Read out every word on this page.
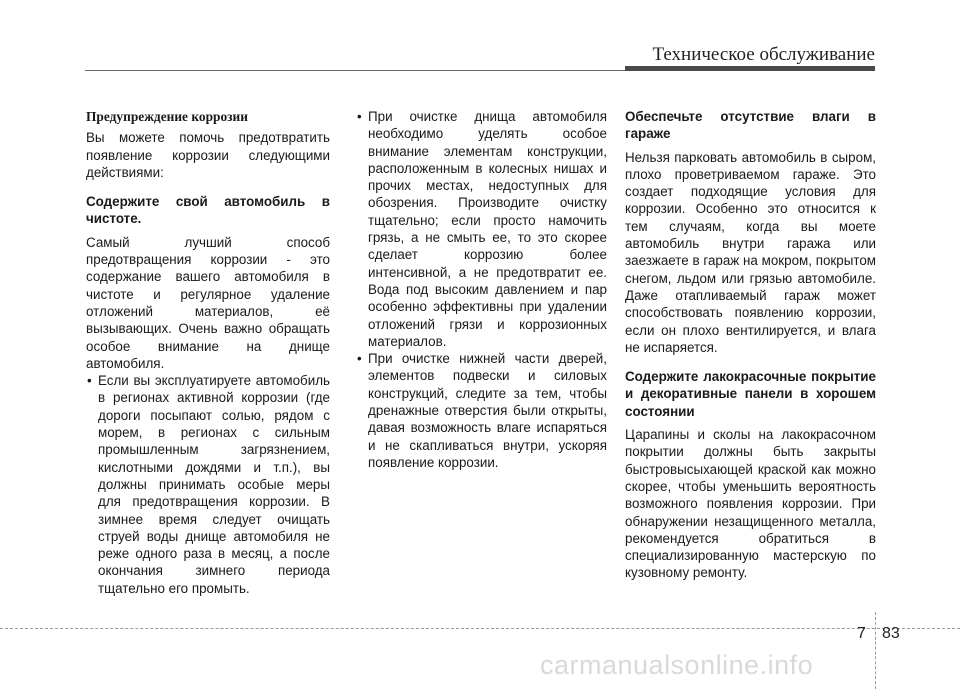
Техническое обслуживание
Предупреждение коррозии

Вы можете помочь предотвратить появление коррозии следующими действиями:

Содержите свой автомобиль в чистоте.

Самый лучший способ предотвращения коррозии - это содержание вашего автомобиля в чистоте и регулярное удаление отложений материалов, её вызывающих. Очень важно обращать особое внимание на днище автомобиля.

• Если вы эксплуатируете автомобиль в регионах активной коррозии (где дороги посыпают солью, рядом с морем, в регионах с сильным промышленным загрязнением, кислотными дождями и т.п.), вы должны принимать особые меры для предотвращения коррозии. В зимнее время следует очищать струей воды днище автомобиля не реже одного раза в месяц, а после окончания зимнего периода тщательно его промыть.
• При очистке днища автомобиля необходимо уделять особое внимание элементам конструкции, расположенным в колесных нишах и прочих местах, недоступных для обозрения. Производите очистку тщательно; если просто намочить грязь, а не смыть ее, то это скорее сделает коррозию более интенсивной, а не предотвратит ее. Вода под высоким давлением и пар особенно эффективны при удалении отложений грязи и коррозионных материалов.
• При очистке нижней части дверей, элементов подвески и силовых конструкций, следите за тем, чтобы дренажные отверстия были открыты, давая возможность влаге испаряться и не скапливаться внутри, ускоряя появление коррозии.

Обеспечьте отсутствие влаги в гараже

Нельзя парковать автомобиль в сыром, плохо проветриваемом гараже. Это создает подходящие условия для коррозии. Особенно это относится к тем случаям, когда вы моете автомобиль внутри гаража или заезжаете в гараж на мокром, покрытом снегом, льдом или грязью автомобиле. Даже отапливаемый гараж может способствовать появлению коррозии, если он плохо вентилируется, и влага не испаряется.

Содержите лакокрасочные покрытие и декоративные панели в хорошем состоянии

Царапины и сколы на лакокрасочном покрытии должны быть закрыты быстровысыхающей краской как можно скорее, чтобы уменьшить вероятность возможного появления коррозии. При обнаружении незащищенного металла, рекомендуется обратиться в специализированную мастерскую по кузовному ремонту.

7 83
carmanualsonline.info
